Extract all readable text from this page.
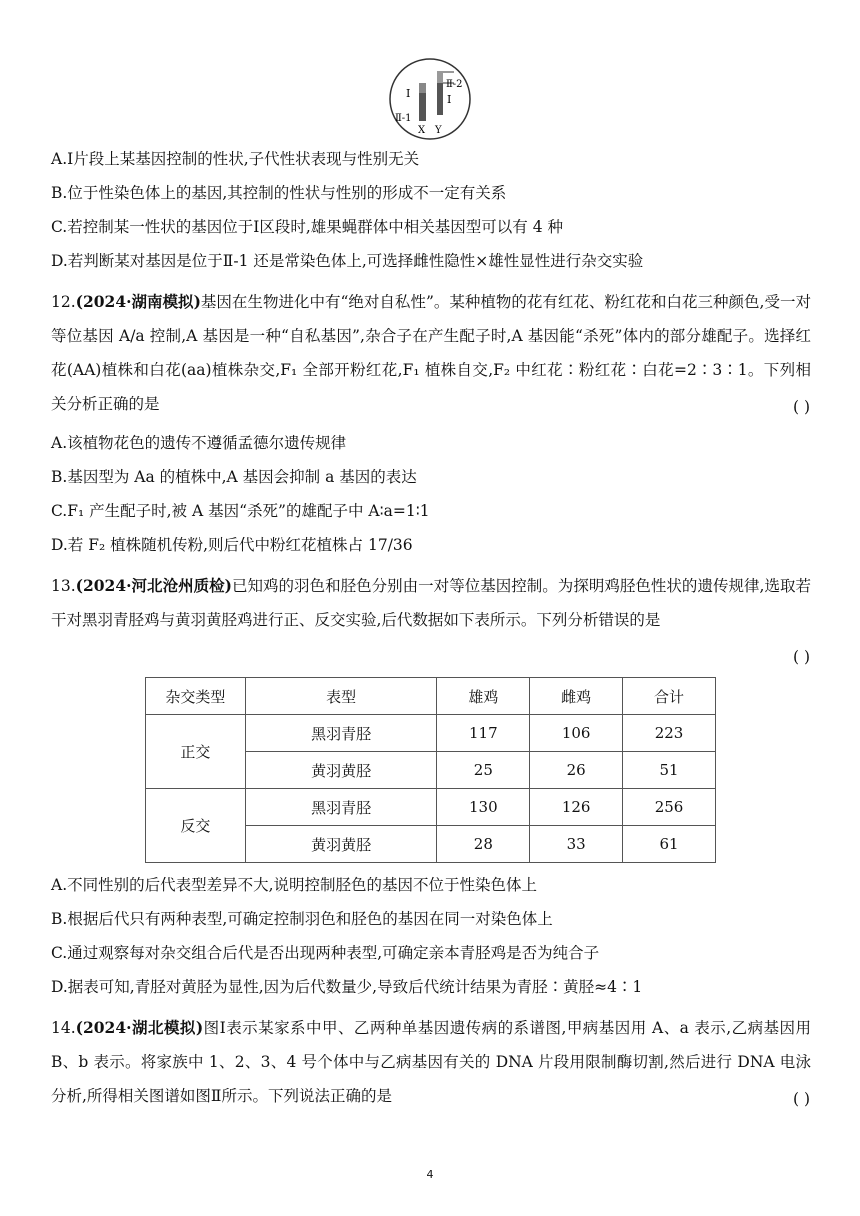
Ⅰ
Ⅱ-1
Ⅱ-2
Ⅰ
X Y
A.Ⅰ片段上某基因控制的性状,子代性状表现与性别无关
B.位于性染色体上的基因,其控制的性状与性别的形成不一定有关系
C.若控制某一性状的基因位于Ⅰ区段时,雄果蝇群体中相关基因型可以有 4 种
D.若判断某对基因是位于Ⅱ-1 还是常染色体上,可选择雌性隐性×雄性显性进行杂交实验
12.(2024·湖南模拟)基因在生物进化中有“绝对自私性”。某种植物的花有红花、粉红花和白花三种颜色,受一对等位基因 A/a 控制,A 基因是一种“自私基因”,杂合子在产生配子时,A 基因能“杀死”体内的部分雄配子。选择红花(AA)植株和白花(aa)植株杂交,F₁ 全部开粉红花,F₁ 植株自交,F₂ 中红花∶粉红花∶白花=2∶3∶1。下列相关分析正确的是	( )
A.该植物花色的遗传不遵循孟德尔遗传规律
B.基因型为 Aa 的植株中,A 基因会抑制 a 基因的表达
C.F₁ 产生配子时,被 A 基因“杀死”的雄配子中 A∶a=1∶1
D.若 F₂ 植株随机传粉,则后代中粉红花植株占 17/36
13.(2024·河北沧州质检)已知鸡的羽色和胫色分别由一对等位基因控制。为探明鸡胫色性状的遗传规律,选取若干对黑羽青胫鸡与黄羽黄胫鸡进行正、反交实验,后代数据如下表所示。下列分析错误的是
( )
杂交类型	表型	雄鸡	雌鸡	合计
正交	黑羽青胫	117	106	223
	黄羽黄胫	25	26	51
反交	黑羽青胫	130	126	256
	黄羽黄胫	28	33	61
A.不同性别的后代表型差异不大,说明控制胫色的基因不位于性染色体上
B.根据后代只有两种表型,可确定控制羽色和胫色的基因在同一对染色体上
C.通过观察每对杂交组合后代是否出现两种表型,可确定亲本青胫鸡是否为纯合子
D.据表可知,青胫对黄胫为显性,因为后代数量少,导致后代统计结果为青胫∶黄胫≈4∶1
14.(2024·湖北模拟)图Ⅰ表示某家系中甲、乙两种单基因遗传病的系谱图,甲病基因用 A、a 表示,乙病基因用 B、b 表示。将家族中 1、2、3、4 号个体中与乙病基因有关的 DNA 片段用限制酶切割,然后进行 DNA 电泳分析,所得相关图谱如图Ⅱ所示。下列说法正确的是	( )
4
